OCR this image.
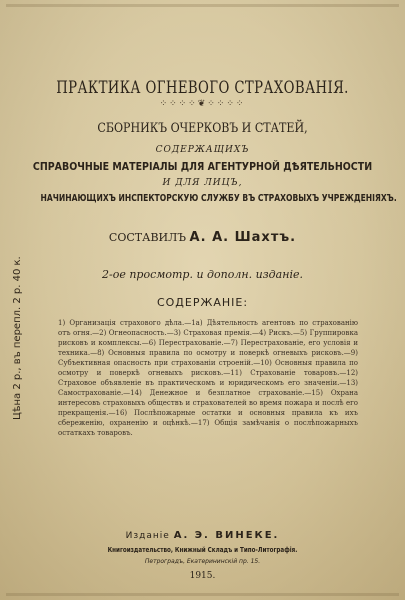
ПРАКТИКА ОГНЕВОГО СТРАХОВАНІЯ.
⁘⁘⁘⁘❦⁘⁘⁘⁘
СБОРНИКЪ ОЧЕРКОВЪ И СТАТЕЙ,
СОДЕРЖАЩИХЪ
СПРАВОЧНЫЕ МАТЕРІАЛЫ ДЛЯ АГЕНТУРНОЙ ДѢЯТЕЛЬНОСТИ
И ДЛЯ ЛИЦЪ,
НАЧИНАЮЩИХЪ ИНСПЕКТОРСКУЮ СЛУЖБУ ВЪ СТРАХОВЫХЪ УЧРЕЖДЕНІЯХЪ.
СОСТАВИЛЪ А. А. Шахтъ.
2-ое просмотр. и дополн. изданіе.
СОДЕРЖАНІЕ:
1) Организація страхового дѣла.—1а) Дѣятельность агентовъ по страхованію отъ огня.—2) Огнеопасность.—3) Страховая премія.—4) Рискъ.—5) Группировка рисковъ и комплексы.—6) Перестрахованіе.—7) Перестрахованіе, его условія и техника.—8) Основныя правила по осмотру и поверкѣ огневыхъ рисковъ.—9) Субъективная опасность при страхованіи строеній.—10) Основныя правила по осмотру и поверкѣ огневыхъ рисковъ.—11) Страхованіе товаровъ.—12) Страховое объявленіе въ практическомъ и юридическомъ его значеніи.—13) Самострахованіе.—14) Денежное и безплатное страхованіе.—15) Охрана интересовъ страховыхъ обществъ и страхователей во время пожара и послѣ его прекращенія.—16) Послѣпожарные остатки и основныя правила къ ихъ сбереженію, охраненію и оцѣнкѣ.—17) Общія замѣчанія о послѣпожарныхъ остаткахъ товаровъ.
Цѣна 2 р., въ перепл. 2 р. 40 к.
Изданіе А. Э. ВИНЕКЕ.
Книгоиздательство, Книжный Складъ и Типо-Литографія.
Петроградъ, Екатерининскій пр. 15.
1915.
